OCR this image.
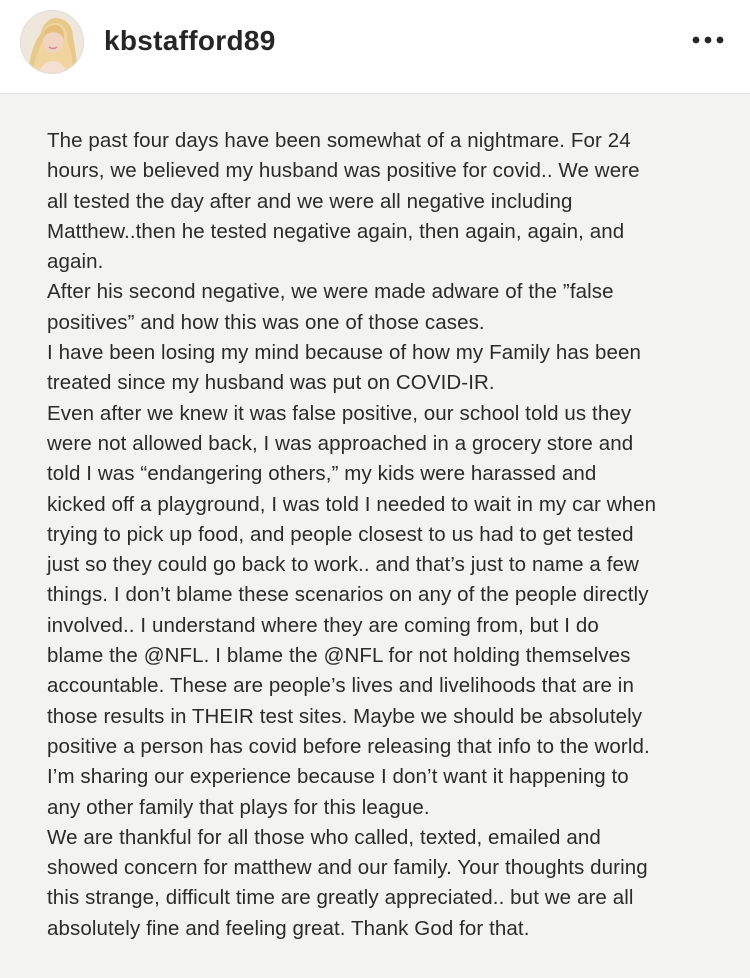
kbstafford89
The past four days have been somewhat of a nightmare. For 24
hours, we believed my husband was positive for covid.. We were
all tested the day after and we were all negative including
Matthew..then he tested negative again, then again, again, and
again.
After his second negative, we were made adware of the ”false
positives” and how this was one of those cases.
I have been losing my mind because of how my Family has been
treated since my husband was put on COVID-IR.
Even after we knew it was false positive, our school told us they
were not allowed back, I was approached in a grocery store and
told I was “endangering others,” my kids were harassed and
kicked off a playground, I was told I needed to wait in my car when
trying to pick up food, and people closest to us had to get tested
just so they could go back to work.. and that’s just to name a few
things. I don’t blame these scenarios on any of the people directly
involved.. I understand where they are coming from, but I do
blame the @NFL. I blame the @NFL for not holding themselves
accountable. These are people’s lives and livelihoods that are in
those results in THEIR test sites. Maybe we should be absolutely
positive a person has covid before releasing that info to the world.
I’m sharing our experience because I don’t want it happening to
any other family that plays for this league.
We are thankful for all those who called, texted, emailed and
showed concern for matthew and our family. Your thoughts during
this strange, difficult time are greatly appreciated.. but we are all
absolutely fine and feeling great. Thank God for that.
